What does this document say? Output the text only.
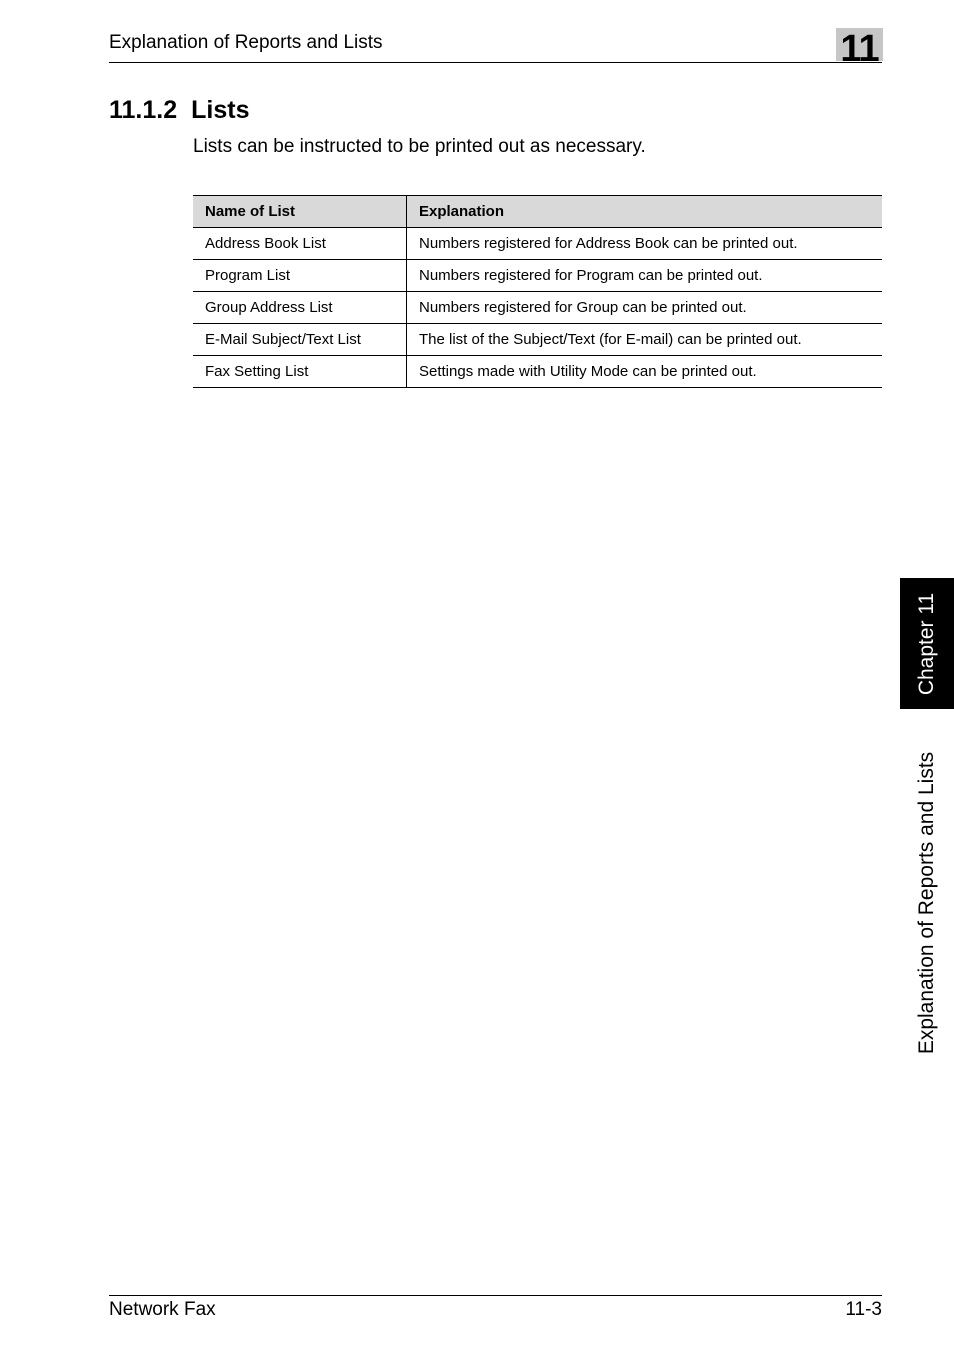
Explanation of Reports and Lists	11
11.1.2 Lists
Lists can be instructed to be printed out as necessary.
Name of List	Explanation
Address Book List	Numbers registered for Address Book can be printed out.
Program List	Numbers registered for Program can be printed out.
Group Address List	Numbers registered for Group can be printed out.
E-Mail Subject/Text List	The list of the Subject/Text (for E-mail) can be printed out.
Fax Setting List	Settings made with Utility Mode can be printed out.
Chapter 11
Explanation of Reports and Lists
Network Fax	11-3
